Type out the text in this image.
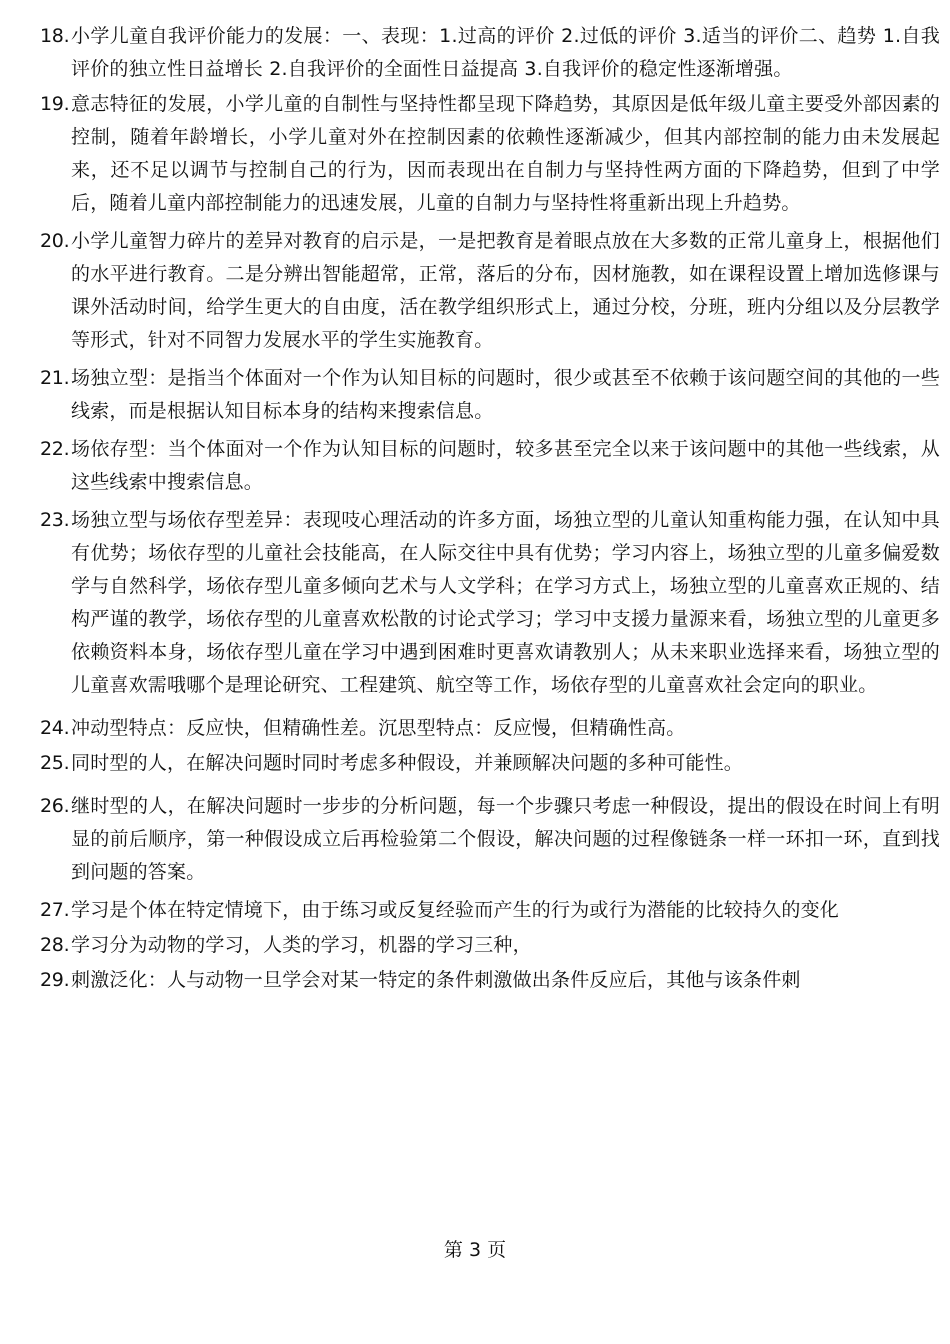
18. 小学儿童自我评价能力的发展：一、表现：1.过高的评价 2.过低的评价 3.适当的评价二、趋势 1.自我评价的独立性日益增长 2.自我评价的全面性日益提高 3.自我评价的稳定性逐渐增强。
19. 意志特征的发展，小学儿童的自制性与坚持性都呈现下降趋势，其原因是低年级儿童主要受外部因素的控制，随着年龄增长，小学儿童对外在控制因素的依赖性逐渐减少，但其内部控制的能力由未发展起来，还不足以调节与控制自己的行为，因而表现出在自制力与坚持性两方面的下降趋势，但到了中学后，随着儿童内部控制能力的迅速发展，儿童的自制力与坚持性将重新出现上升趋势。
20. 小学儿童智力碎片的差异对教育的启示是，一是把教育是着眼点放在大多数的正常儿童身上，根据他们的水平进行教育。二是分辨出智能超常，正常，落后的分布，因材施教，如在课程设置上增加选修课与课外活动时间，给学生更大的自由度，活在教学组织形式上，通过分校，分班，班内分组以及分层教学等形式，针对不同智力发展水平的学生实施教育。
21. 场独立型：是指当个体面对一个作为认知目标的问题时，很少或甚至不依赖于该问题空间的其他的一些线索，而是根据认知目标本身的结构来搜索信息。
22. 场依存型：当个体面对一个作为认知目标的问题时，较多甚至完全以来于该问题中的其他一些线索，从这些线索中搜索信息。
23. 场独立型与场依存型差异：表现吱心理活动的许多方面，场独立型的儿童认知重构能力强，在认知中具有优势；场依存型的儿童社会技能高，在人际交往中具有优势；学习内容上，场独立型的儿童多偏爱数学与自然科学，场依存型儿童多倾向艺术与人文学科；在学习方式上，场独立型的儿童喜欢正规的、结构严谨的教学，场依存型的儿童喜欢松散的讨论式学习；学习中支援力量源来看，场独立型的儿童更多依赖资料本身，场依存型儿童在学习中遇到困难时更喜欢请教别人；从未来职业选择来看，场独立型的儿童喜欢需哦哪个是理论研究、工程建筑、航空等工作，场依存型的儿童喜欢社会定向的职业。
24. 冲动型特点：反应快，但精确性差。沉思型特点：反应慢，但精确性高。
25. 同时型的人，在解决问题时同时考虑多种假设，并兼顾解决问题的多种可能性。
26. 继时型的人，在解决问题时一步步的分析问题，每一个步骤只考虑一种假设，提出的假设在时间上有明显的前后顺序，第一种假设成立后再检验第二个假设，解决问题的过程像链条一样一环扣一环，直到找到问题的答案。
27. 学习是个体在特定情境下，由于练习或反复经验而产生的行为或行为潜能的比较持久的变化
28. 学习分为动物的学习，人类的学习，机器的学习三种，
29. 刺激泛化：人与动物一旦学会对某一特定的条件刺激做出条件反应后，其他与该条件刺
第 3 页
